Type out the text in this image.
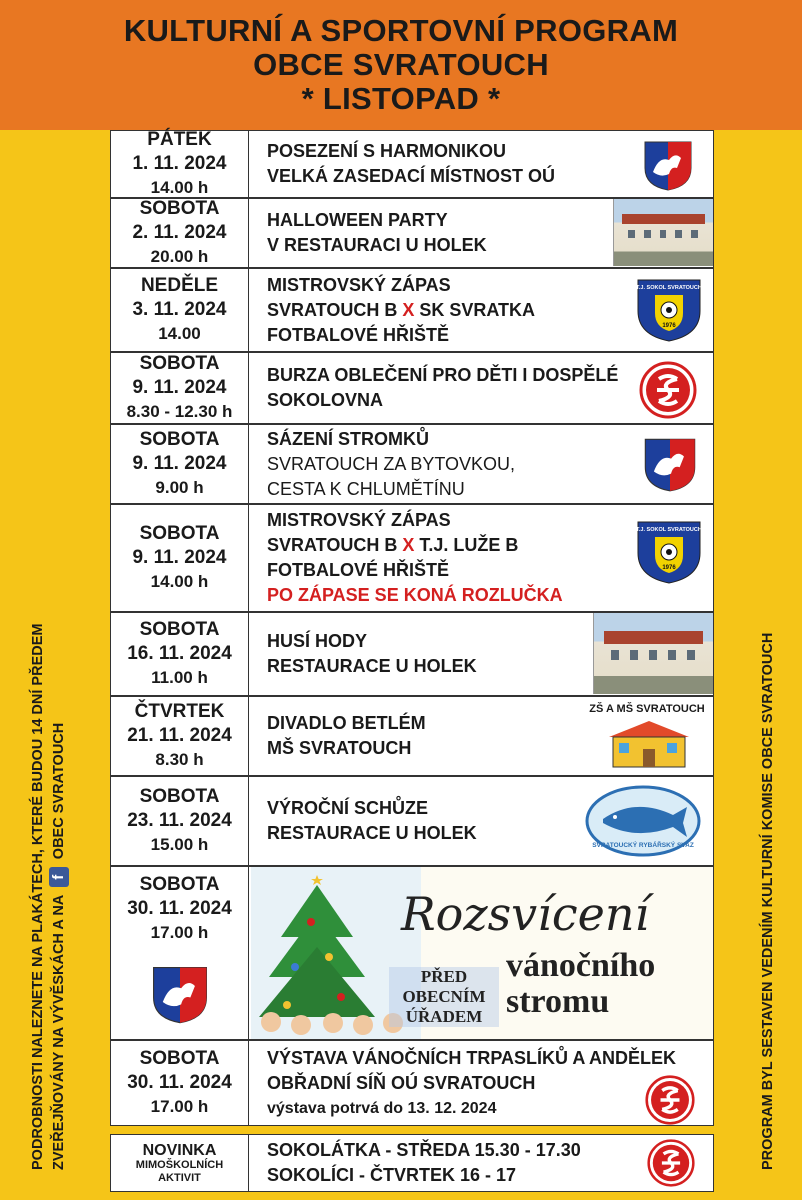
KULTURNÍ A SPORTOVNÍ PROGRAM
OBCE SVRATOUCH
* LISTOPAD *
PODROBNOSTI NALEZNETE NA PLAKÁTECH, KTERÉ BUDOU 14 DNÍ PŘEDEM ZVEŘEJŇOVÁNY NA VÝVĚSKÁCH A NA f OBEC SVRATOUCH	PROGRAM BYL SESTAVEN VEDENÍM KULTURNÍ KOMISE OBCE SVRATOUCH
PÁTEK
1. 11. 2024
14.00 h
POSEZENÍ S HARMONIKOU
VELKÁ ZASEDACÍ MÍSTNOST OÚ
SOBOTA
2. 11. 2024
20.00 h
HALLOWEEN PARTY
V RESTAURACI U HOLEK
NEDĚLE
3. 11. 2024
14.00
MISTROVSKÝ ZÁPAS
SVRATOUCH B X SK SVRATKA
FOTBALOVÉ HŘIŠTĚ
T.J. SOKOL SVRATOUCH
1976
SOBOTA
9. 11. 2024
8.30 - 12.30 h
BURZA OBLEČENÍ PRO DĚTI I DOSPĚLÉ
SOKOLOVNA
SOBOTA
9. 11. 2024
9.00 h
SÁZENÍ STROMKŮ
SVRATOUCH ZA BYTOVKOU,
CESTA K CHLUMĚTÍNU
SOBOTA
9. 11. 2024
14.00 h
MISTROVSKÝ ZÁPAS
SVRATOUCH B X T.J. LUŽE B
FOTBALOVÉ HŘIŠTĚ
PO ZÁPASE SE KONÁ ROZLUČKA
T.J. SOKOL SVRATOUCH
1976
SOBOTA
16. 11. 2024
11.00 h
HUSÍ HODY
RESTAURACE U HOLEK
ČTVRTEK
21. 11. 2024
8.30 h
DIVADLO BETLÉM
MŠ SVRATOUCH
ZŠ A MŠ SVRATOUCH
SOBOTA
23. 11. 2024
15.00 h
VÝROČNÍ SCHŮZE
RESTAURACE U HOLEK
SVRATOUCKÝ RYBÁŘSKÝ SVAZ
SOBOTA
30. 11. 2024
17.00 h	Rozsvícení
vánočního
stromu
PŘED
OBECNÍM
ÚŘADEM
SOBOTA
30. 11. 2024
17.00 h
VÝSTAVA VÁNOČNÍCH TRPASLÍKŮ A ANDĚLEK
OBŘADNÍ SÍŇ OÚ SVRATOUCH
výstava potrvá do 13. 12. 2024
NOVINKA
MIMOŠKOLNÍCH
AKTIVIT
SOKOLÁTKA - STŘEDA 15.30 - 17.30
SOKOLÍCI - ČTVRTEK 16 - 17
